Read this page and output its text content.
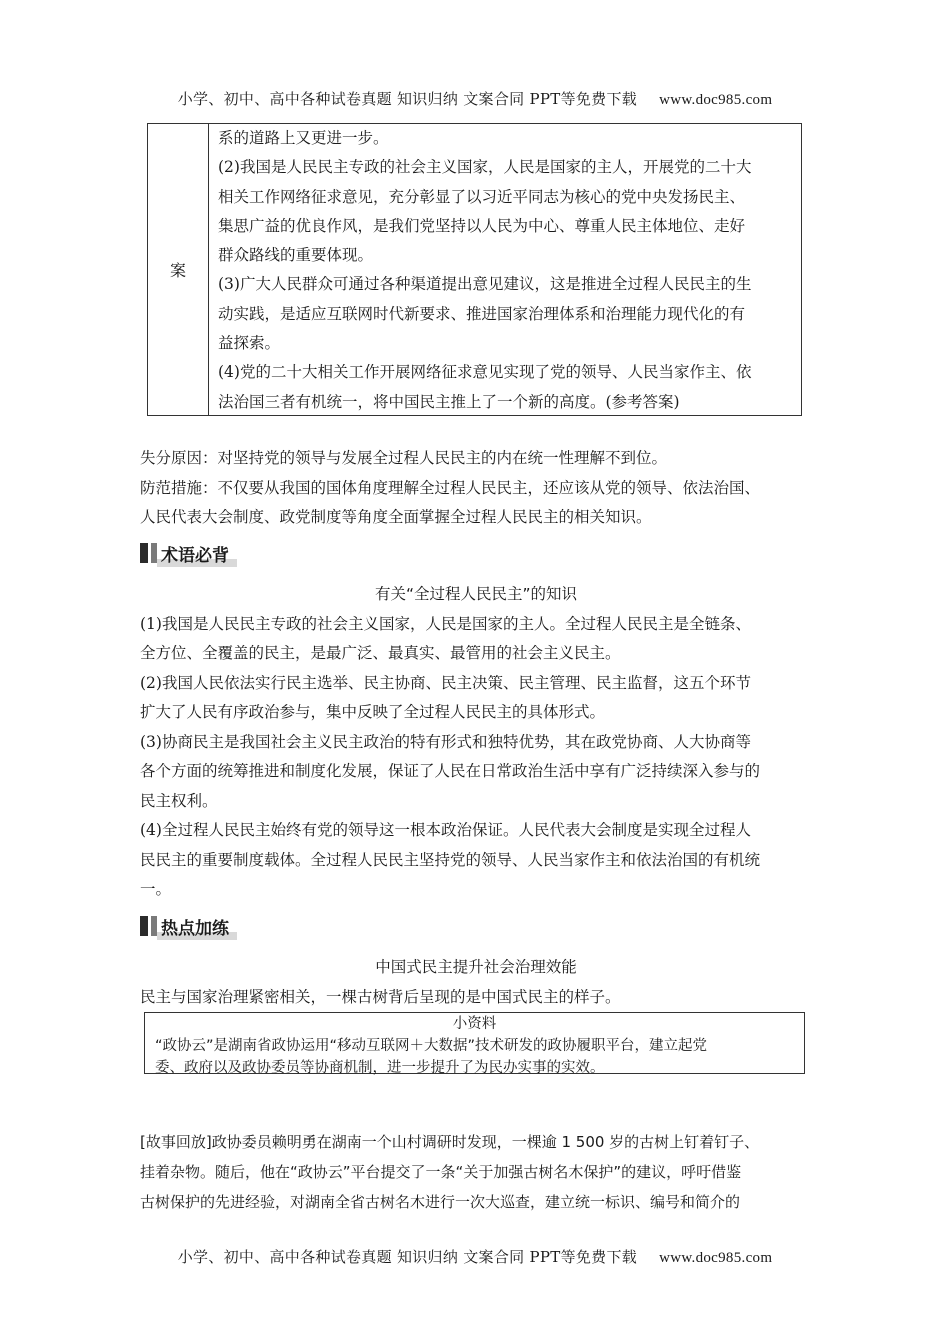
小学、初中、高中各种试卷真题 知识归纳 文案合同 PPT等免费下载 www.doc985.com
案

系的道路上又更进一步。

(2)我国是人民民主专政的社会主义国家，人民是国家的主人，开展党的二十大

相关工作网络征求意见，充分彰显了以习近平同志为核心的党中央发扬民主、

集思广益的优良作风，是我们党坚持以人民为中心、尊重人民主体地位、走好

群众路线的重要体现。

(3)广大人民群众可通过各种渠道提出意见建议，这是推进全过程人民民主的生

动实践，是适应互联网时代新要求、推进国家治理体系和治理能力现代化的有

益探索。

(4)党的二十大相关工作开展网络征求意见实现了党的领导、人民当家作主、依

法治国三者有机统一，将中国民主推上了一个新的高度。(参考答案)

失分原因：对坚持党的领导与发展全过程人民民主的内在统一性理解不到位。

防范措施：不仅要从我国的国体角度理解全过程人民民主，还应该从党的领导、依法治国、

人民代表大会制度、政党制度等角度全面掌握全过程人民民主的相关知识。

术语必背

有关“全过程人民民主”的知识

(1)我国是人民民主专政的社会主义国家，人民是国家的主人。全过程人民民主是全链条、

全方位、全覆盖的民主，是最广泛、最真实、最管用的社会主义民主。

(2)我国人民依法实行民主选举、民主协商、民主决策、民主管理、民主监督，这五个环节

扩大了人民有序政治参与，集中反映了全过程人民民主的具体形式。

(3)协商民主是我国社会主义民主政治的特有形式和独特优势，其在政党协商、人大协商等

各个方面的统筹推进和制度化发展，保证了人民在日常政治生活中享有广泛持续深入参与的

民主权利。

(4)全过程人民民主始终有党的领导这一根本政治保证。人民代表大会制度是实现全过程人

民民主的重要制度载体。全过程人民民主坚持党的领导、人民当家作主和依法治国的有机统

一。

热点加练

中国式民主提升社会治理效能

民主与国家治理紧密相关，一棵古树背后呈现的是中国式民主的样子。

小资料

“政协云”是湖南省政协运用“移动互联网＋大数据”技术研发的政协履职平台，建立起党

委、政府以及政协委员等协商机制，进一步提升了为民办实事的实效。

[故事回放]政协委员赖明勇在湖南一个山村调研时发现，一棵逾 1 500 岁的古树上钉着钉子、

挂着杂物。随后，他在“政协云”平台提交了一条“关于加强古树名木保护”的建议，呼吁借鉴

古树保护的先进经验，对湖南全省古树名木进行一次大巡查，建立统一标识、编号和简介的

小学、初中、高中各种试卷真题 知识归纳 文案合同 PPT等免费下载 www.doc985.com
